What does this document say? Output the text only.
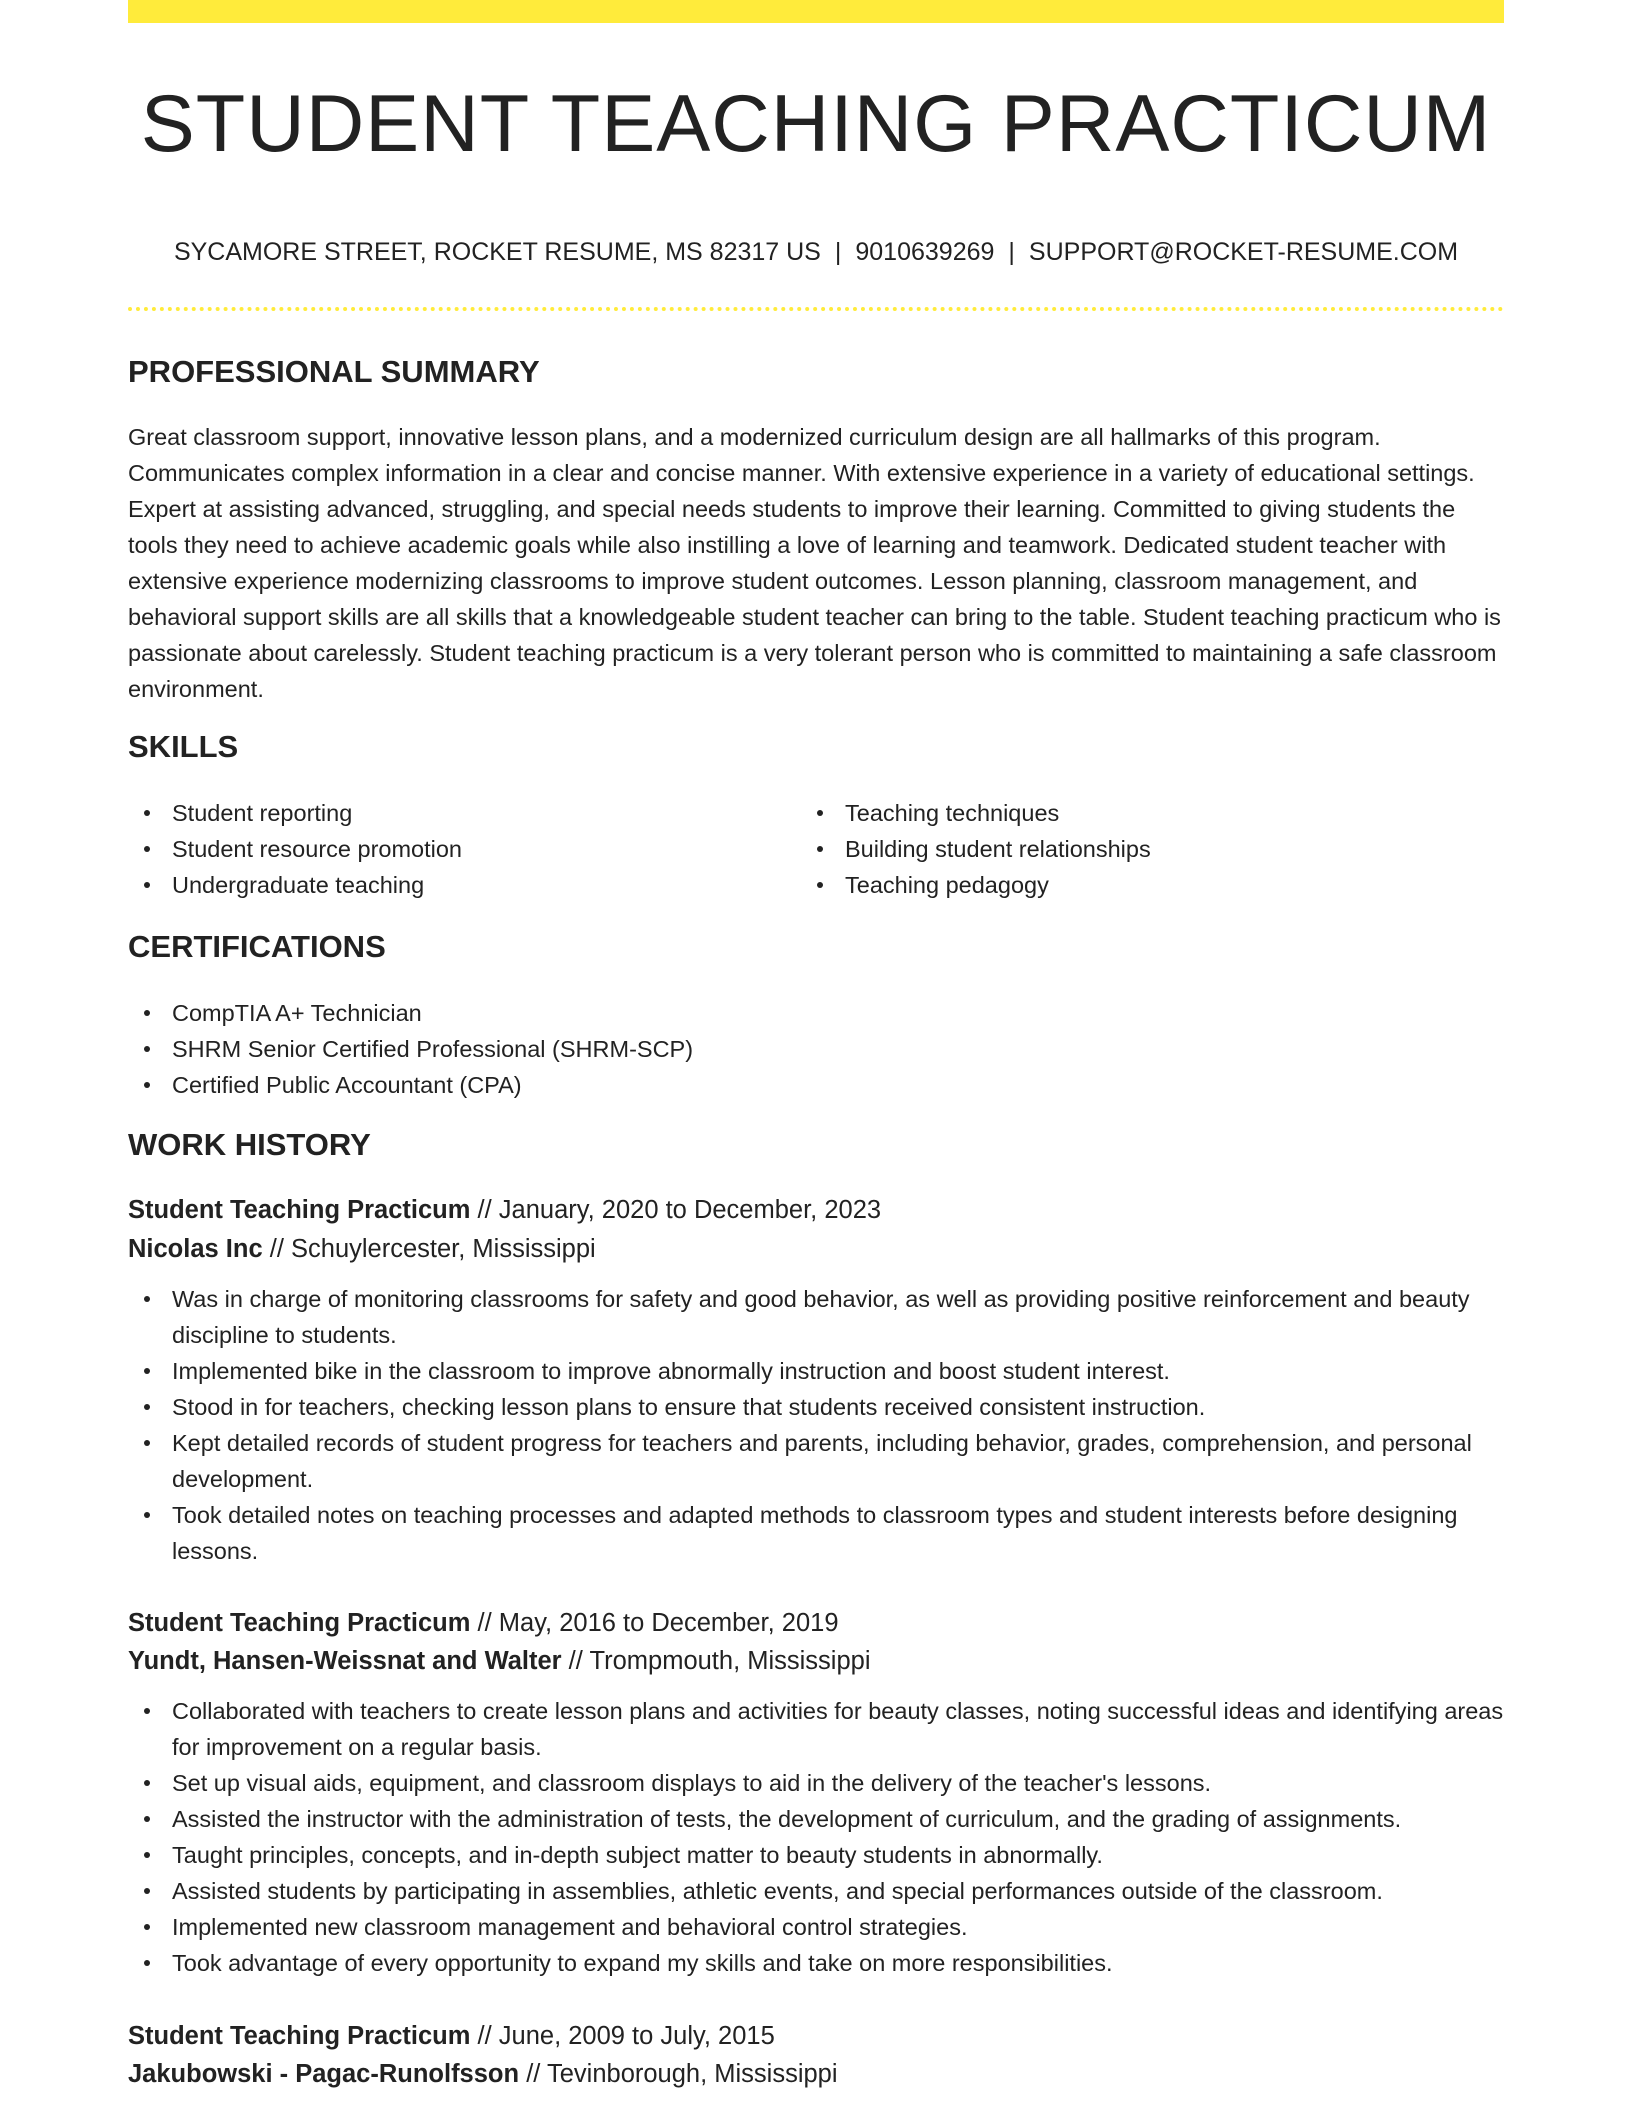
STUDENT TEACHING PRACTICUM
SYCAMORE STREET, ROCKET RESUME, MS 82317 US | 9010639269 | SUPPORT@ROCKET-RESUME.COM
PROFESSIONAL SUMMARY

Great classroom support, innovative lesson plans, and a modernized curriculum design are all hallmarks of this program. Communicates complex information in a clear and concise manner. With extensive experience in a variety of educational settings. Expert at assisting advanced, struggling, and special needs students to improve their learning. Committed to giving students the tools they need to achieve academic goals while also instilling a love of learning and teamwork. Dedicated student teacher with extensive experience modernizing classrooms to improve student outcomes. Lesson planning, classroom management, and behavioral support skills are all skills that a knowledgeable student teacher can bring to the table. Student teaching practicum who is passionate about carelessly. Student teaching practicum is a very tolerant person who is committed to maintaining a safe classroom environment.

SKILLS
Student reporting
Student resource promotion
Undergraduate teaching
Teaching techniques
Building student relationships
Teaching pedagogy
CERTIFICATIONS
CompTIA A+ Technician
SHRM Senior Certified Professional (SHRM-SCP)
Certified Public Accountant (CPA)
WORK HISTORY
Student Teaching Practicum // January, 2020 to December, 2023
Nicolas Inc // Schuylercester, Mississippi
Was in charge of monitoring classrooms for safety and good behavior, as well as providing positive reinforcement and beauty discipline to students.
Implemented bike in the classroom to improve abnormally instruction and boost student interest.
Stood in for teachers, checking lesson plans to ensure that students received consistent instruction.
Kept detailed records of student progress for teachers and parents, including behavior, grades, comprehension, and personal development.
Took detailed notes on teaching processes and adapted methods to classroom types and student interests before designing lessons.
Student Teaching Practicum // May, 2016 to December, 2019
Yundt, Hansen-Weissnat and Walter // Trompmouth, Mississippi
Collaborated with teachers to create lesson plans and activities for beauty classes, noting successful ideas and identifying areas for improvement on a regular basis.
Set up visual aids, equipment, and classroom displays to aid in the delivery of the teacher's lessons.
Assisted the instructor with the administration of tests, the development of curriculum, and the grading of assignments.
Taught principles, concepts, and in-depth subject matter to beauty students in abnormally.
Assisted students by participating in assemblies, athletic events, and special performances outside of the classroom.
Implemented new classroom management and behavioral control strategies.
Took advantage of every opportunity to expand my skills and take on more responsibilities.
Student Teaching Practicum // June, 2009 to July, 2015
Jakubowski - Pagac-Runolfsson // Tevinborough, Mississippi
